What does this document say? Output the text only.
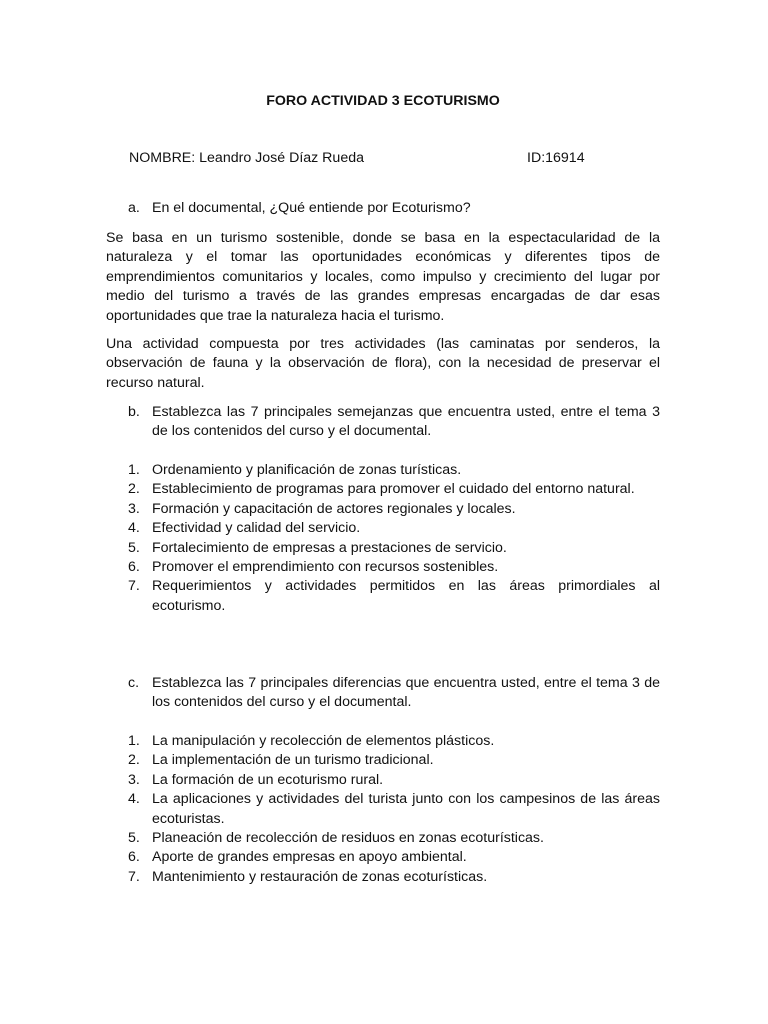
FORO ACTIVIDAD 3 ECOTURISMO
NOMBRE: Leandro José Díaz Rueda	ID:16914
a. En el documental, ¿Qué entiende por Ecoturismo?

Se basa en un turismo sostenible, donde se basa en la espectacularidad de la naturaleza y el tomar las oportunidades económicas y diferentes tipos de emprendimientos comunitarios y locales, como impulso y crecimiento del lugar por medio del turismo a través de las grandes empresas encargadas de dar esas oportunidades que trae la naturaleza hacia el turismo.

Una actividad compuesta por tres actividades (las caminatas por senderos, la observación de fauna y la observación de flora), con la necesidad de preservar el recurso natural.

b. Establezca las 7 principales semejanzas que encuentra usted, entre el tema 3 de los contenidos del curso y el documental.
1. Ordenamiento y planificación de zonas turísticas.
2. Establecimiento de programas para promover el cuidado del entorno natural.
3. Formación y capacitación de actores regionales y locales.
4. Efectividad y calidad del servicio.
5. Fortalecimiento de empresas a prestaciones de servicio.
6. Promover el emprendimiento con recursos sostenibles.
7. Requerimientos y actividades permitidos en las áreas primordiales al ecoturismo.
c. Establezca las 7 principales diferencias que encuentra usted, entre el tema 3 de los contenidos del curso y el documental.
1. La manipulación y recolección de elementos plásticos.
2. La implementación de un turismo tradicional.
3. La formación de un ecoturismo rural.
4. La aplicaciones y actividades del turista junto con los campesinos de las áreas ecoturistas.
5. Planeación de recolección de residuos en zonas ecoturísticas.
6. Aporte de grandes empresas en apoyo ambiental.
7. Mantenimiento y restauración de zonas ecoturísticas.
